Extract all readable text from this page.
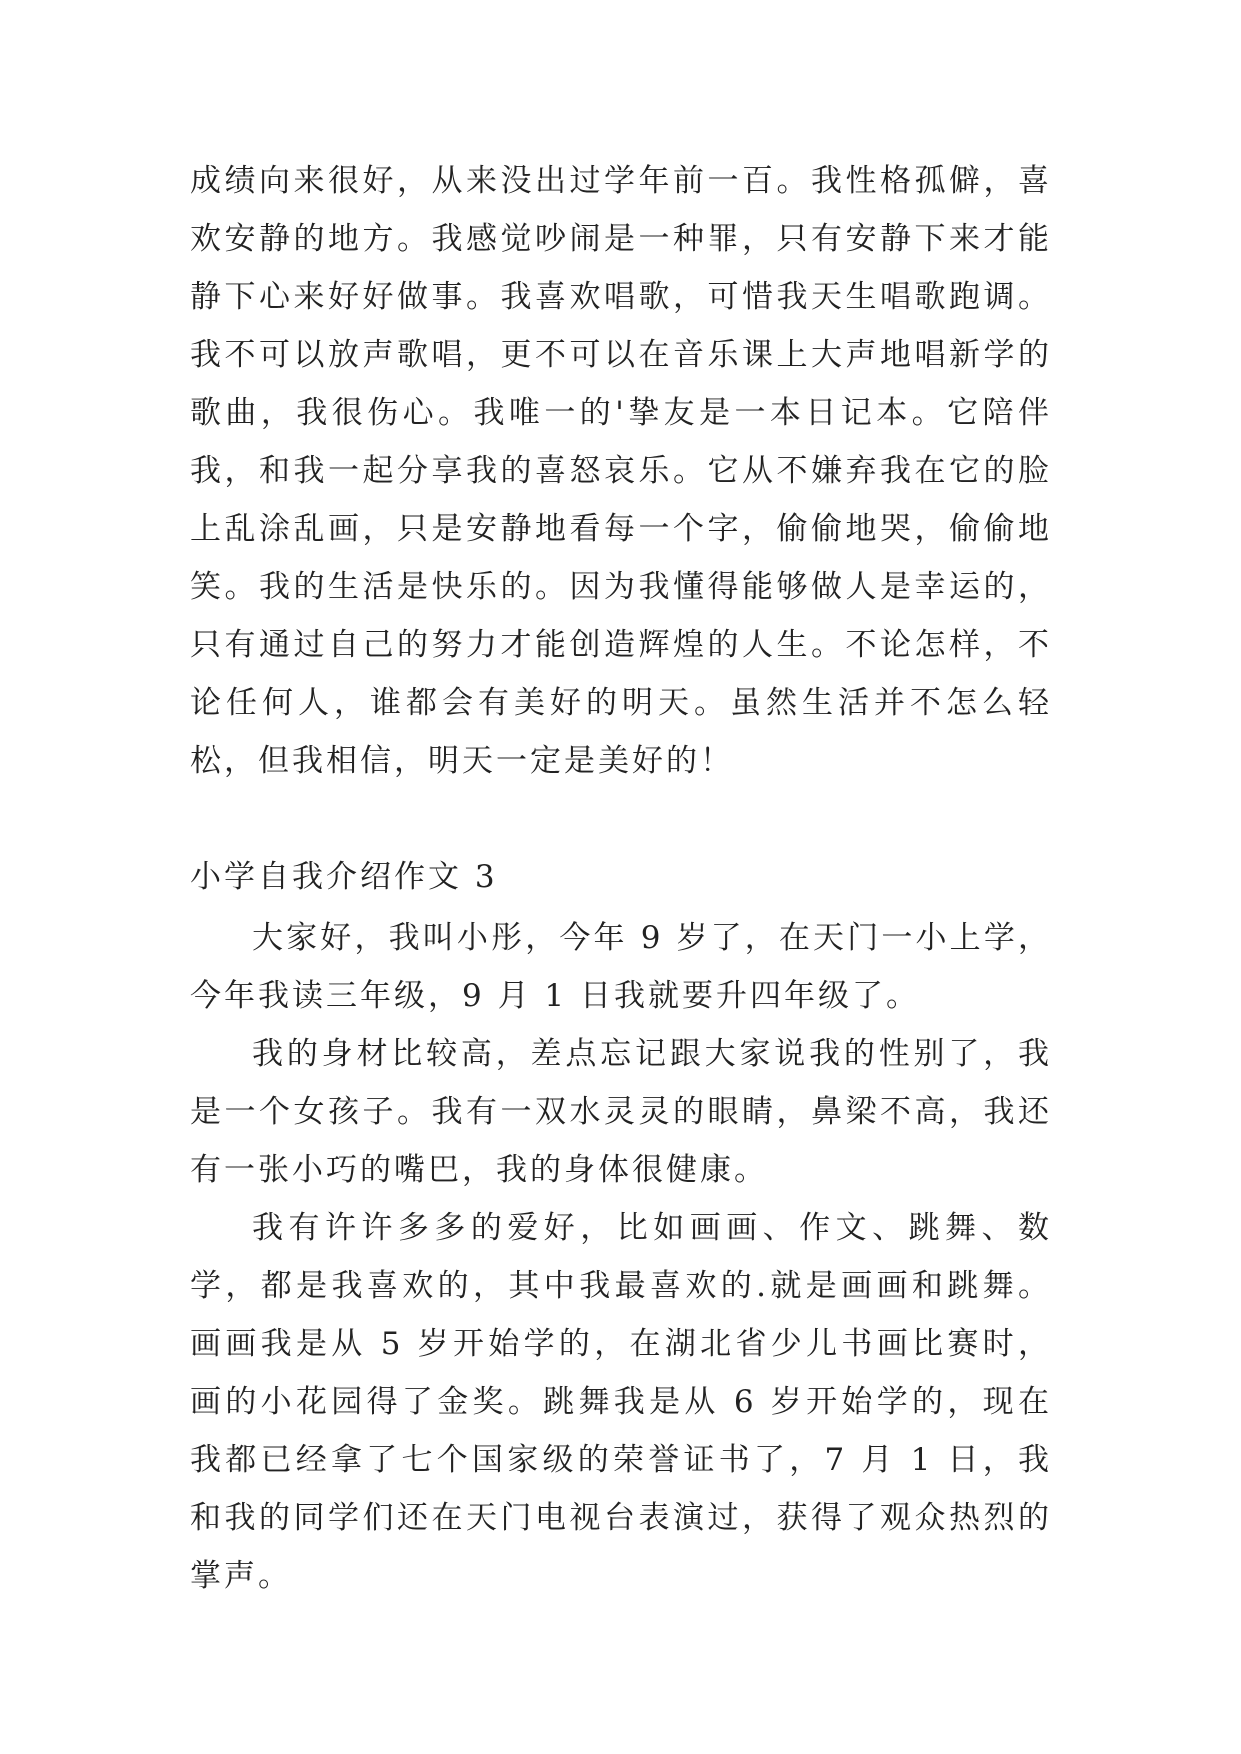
成绩向来很好，从来没出过学年前一百。我性格孤僻，喜欢安静的地方。我感觉吵闹是一种罪，只有安静下来才能静下心来好好做事。我喜欢唱歌，可惜我天生唱歌跑调。我不可以放声歌唱，更不可以在音乐课上大声地唱新学的歌曲，我很伤心。我唯一的'挚友是一本日记本。它陪伴我，和我一起分享我的喜怒哀乐。它从不嫌弃我在它的脸上乱涂乱画，只是安静地看每一个字，偷偷地哭，偷偷地笑。我的生活是快乐的。因为我懂得能够做人是幸运的，只有通过自己的努力才能创造辉煌的人生。不论怎样，不论任何人，谁都会有美好的明天。虽然生活并不怎么轻松，但我相信，明天一定是美好的！

小学自我介绍作文 3

大家好，我叫小彤，今年 9 岁了，在天门一小上学，今年我读三年级，9 月 1 日我就要升四年级了。

我的身材比较高，差点忘记跟大家说我的性别了，我是一个女孩子。我有一双水灵灵的眼睛，鼻梁不高，我还有一张小巧的嘴巴，我的身体很健康。

我有许许多多的爱好，比如画画、作文、跳舞、数学，都是我喜欢的，其中我最喜欢的.就是画画和跳舞。画画我是从 5 岁开始学的，在湖北省少儿书画比赛时，画的小花园得了金奖。跳舞我是从 6 岁开始学的，现在我都已经拿了七个国家级的荣誉证书了，7 月 1 日，我和我的同学们还在天门电视台表演过，获得了观众热烈的掌声。
